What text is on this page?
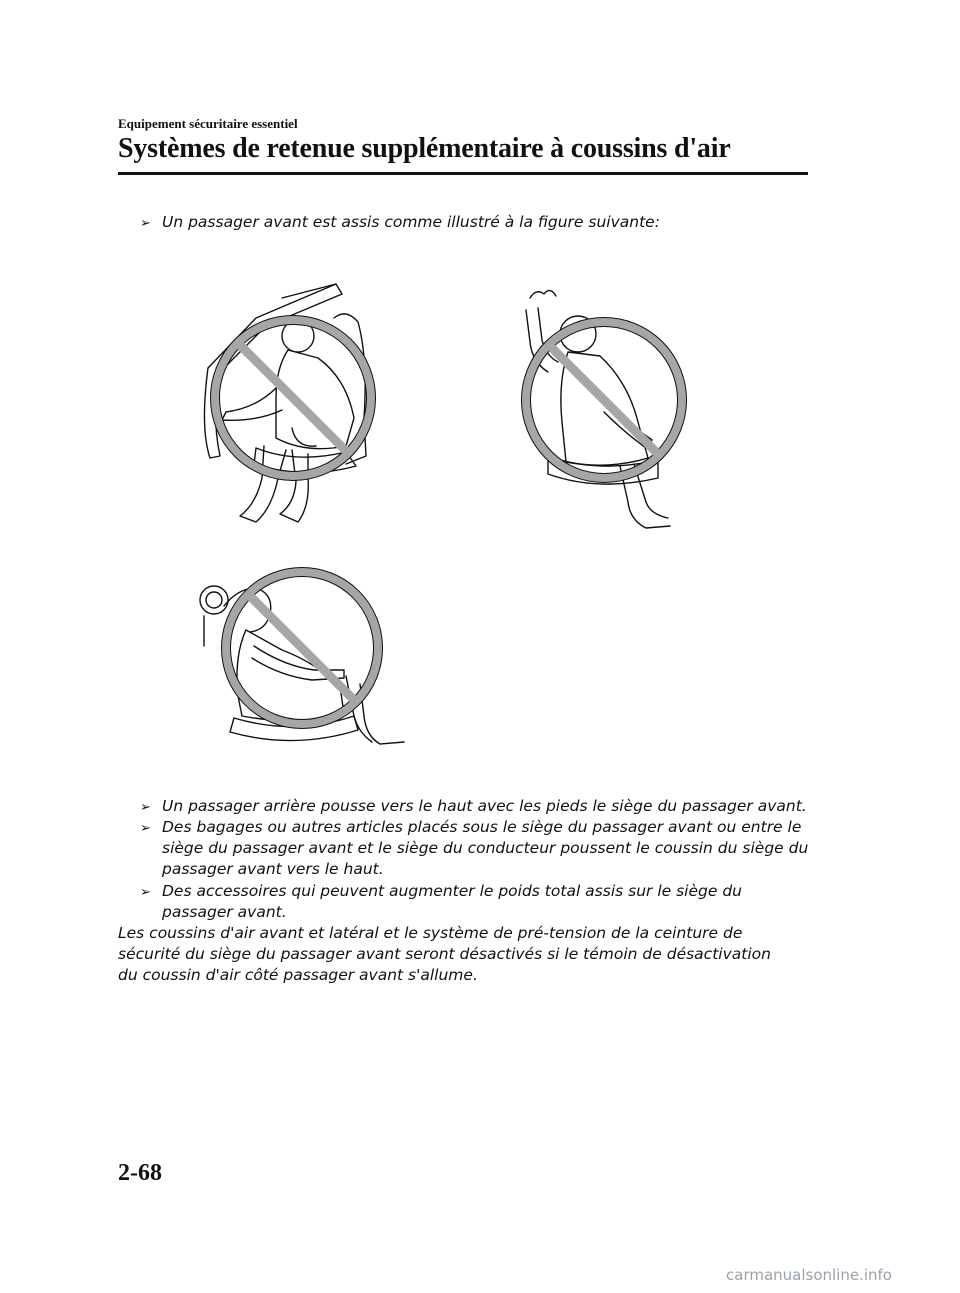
Equipement sécuritaire essentiel
Systèmes de retenue supplémentaire à coussins d'air
➢ Un passager avant est assis comme illustré à la figure suivante:
➢ Un passager arrière pousse vers le haut avec les pieds le siège du passager avant.
➢ Des bagages ou autres articles placés sous le siège du passager avant ou entre le
siège du passager avant et le siège du conducteur poussent le coussin du siège du
passager avant vers le haut.
➢ Des accessoires qui peuvent augmenter le poids total assis sur le siège du
passager avant.
Les coussins d'air avant et latéral et le système de pré-tension de la ceinture de
sécurité du siège du passager avant seront désactivés si le témoin de désactivation
du coussin d'air côté passager avant s'allume.
2-68
carmanualsonline.info
